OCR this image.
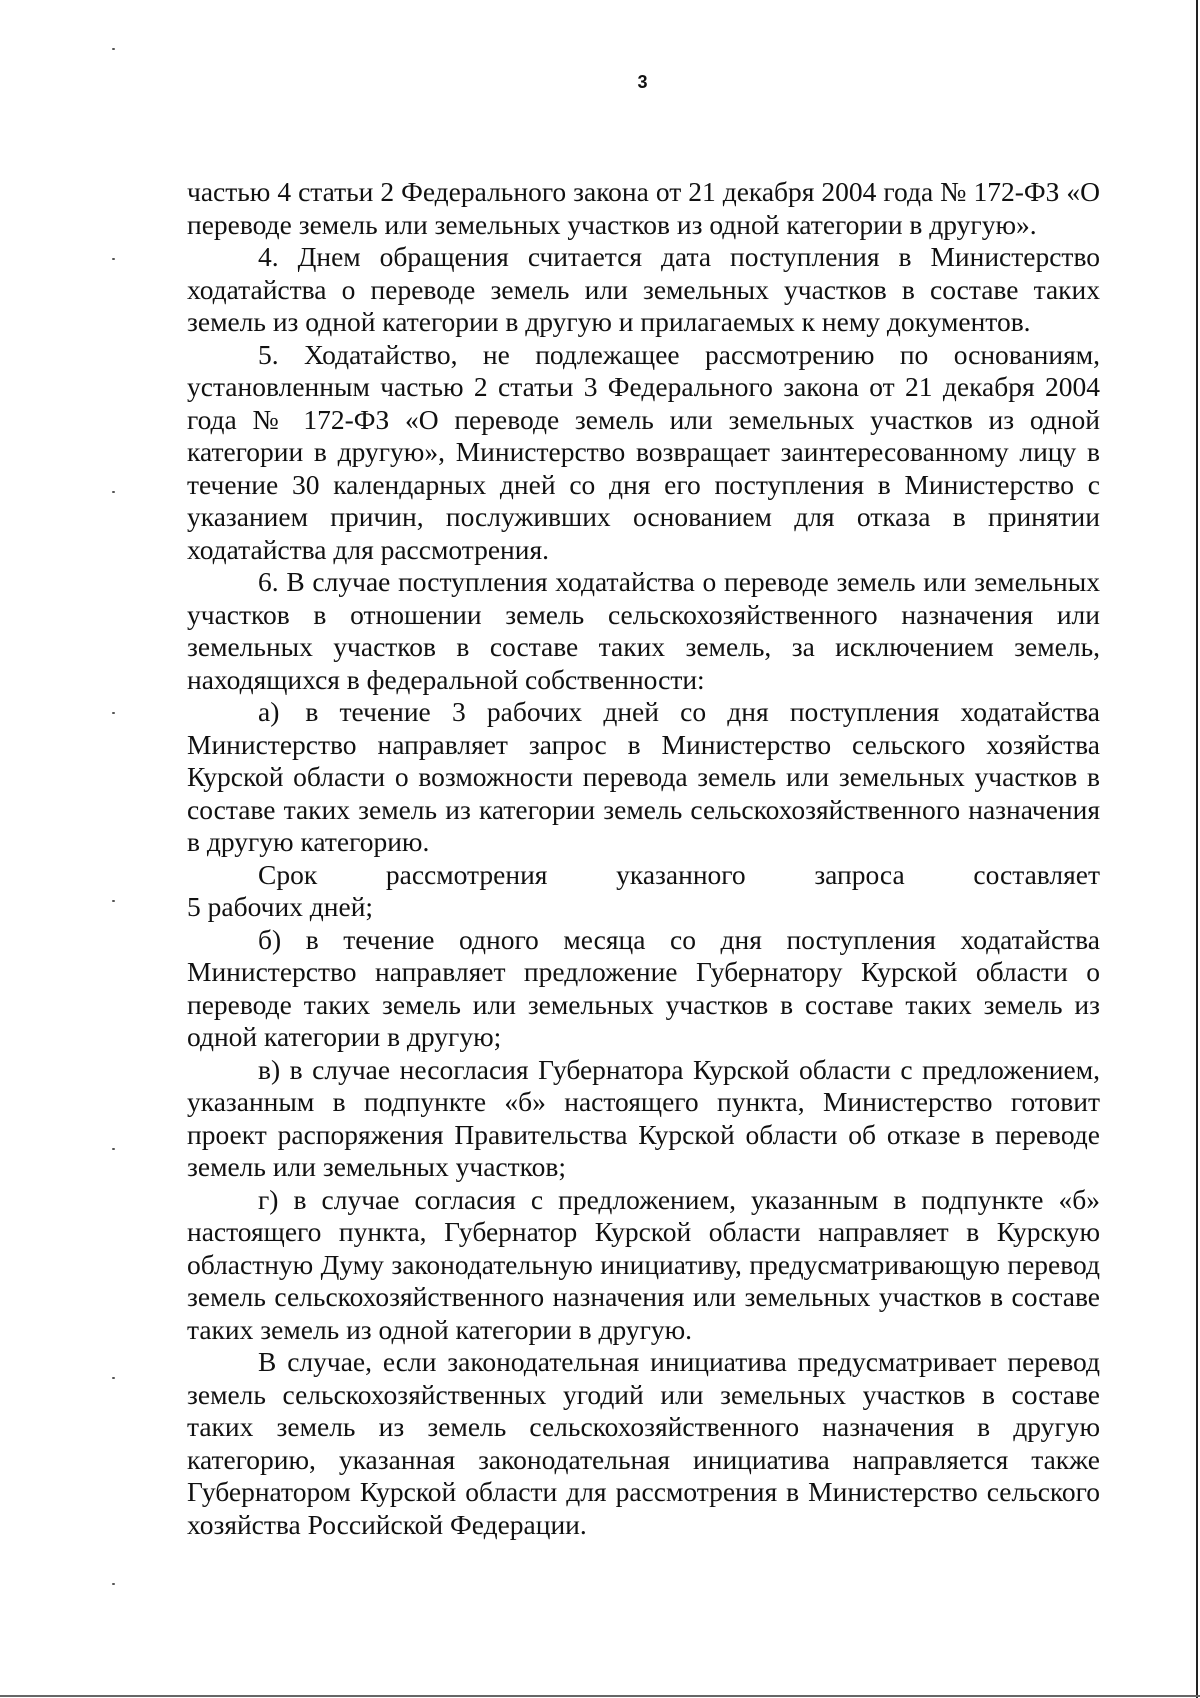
3

частью 4 статьи 2 Федерального закона от 21 декабря 2004 года № 172-ФЗ «О переводе земель или земельных участков из одной категории в другую».

4. Днем обращения считается дата поступления в Министерство ходатайства о переводе земель или земельных участков в составе таких земель из одной категории в другую и прилагаемых к нему документов.

5. Ходатайство, не подлежащее рассмотрению по основаниям, установленным частью 2 статьи 3 Федерального закона от 21 декабря 2004 года № 172-ФЗ «О переводе земель или земельных участков из одной категории в другую», Министерство возвращает заинтересованному лицу в течение 30 календарных дней со дня его поступления в Министерство с указанием причин, послуживших основанием для отказа в принятии ходатайства для рассмотрения.

6. В случае поступления ходатайства о переводе земель или земельных участков в отношении земель сельскохозяйственного назначения или земельных участков в составе таких земель, за исключением земель, находящихся в федеральной собственности:

а) в течение 3 рабочих дней со дня поступления ходатайства Министерство направляет запрос в Министерство сельского хозяйства Курской области о возможности перевода земель или земельных участков в составе таких земель из категории земель сельскохозяйственного назначения в другую категорию.

Срок рассмотрения указанного запроса составляет

5 рабочих дней;

б) в течение одного месяца со дня поступления ходатайства Министерство направляет предложение Губернатору Курской области о переводе таких земель или земельных участков в составе таких земель из одной категории в другую;

в) в случае несогласия Губернатора Курской области с предложением, указанным в подпункте «б» настоящего пункта, Министерство готовит проект распоряжения Правительства Курской области об отказе в переводе земель или земельных участков;

г) в случае согласия с предложением, указанным в подпункте «б» настоящего пункта, Губернатор Курской области направляет в Курскую областную Думу законодательную инициативу, предусматривающую перевод земель сельскохозяйственного назначения или земельных участков в составе таких земель из одной категории в другую.

В случае, если законодательная инициатива предусматривает перевод земель сельскохозяйственных угодий или земельных участков в составе таких земель из земель сельскохозяйственного назначения в другую категорию, указанная законодательная инициатива направляется также Губернатором Курской области для рассмотрения в Министерство сельского хозяйства Российской Федерации.
